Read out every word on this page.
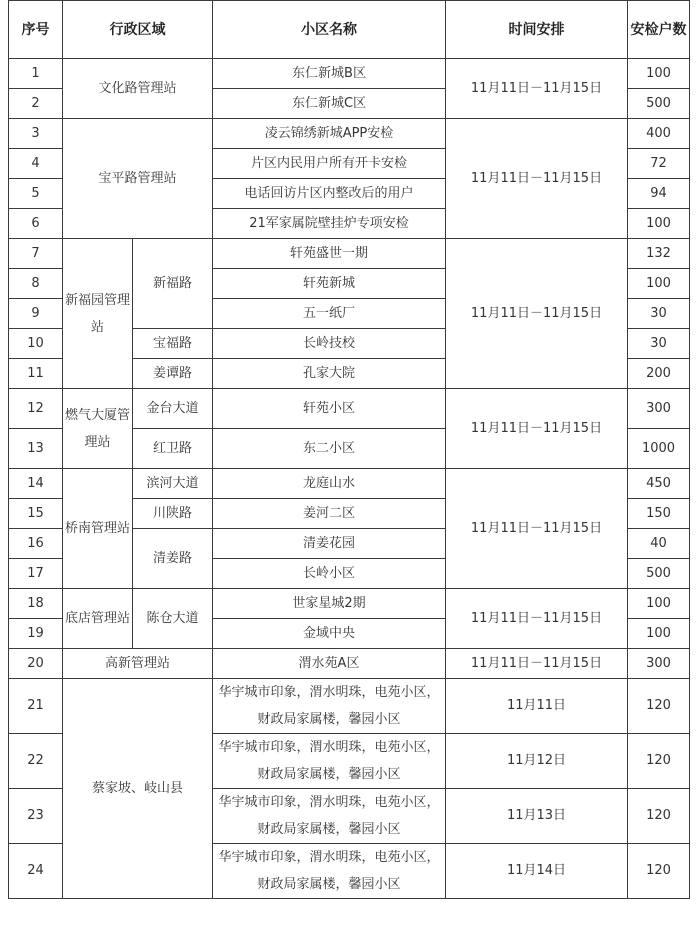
序号	行政区域		小区名称	时间安排	安检户数
1	文化路管理站		东仁新城B区	11月11日－11月15日	100
2			东仁新城C区		500
3	宝平路管理站		凌云锦绣新城APP安检	11月11日－11月15日	400
4			片区内民用户所有开卡安检		72
5			电话回访片区内整改后的用户		94
6			21军家属院壁挂炉专项安检		100
7	新福园管理站	新福路	轩苑盛世一期	11月11日－11月15日	132
8			轩苑新城		100
9			五一纸厂		30
10		宝福路	长岭技校		30
11		姜谭路	孔家大院		200
12	燃气大厦管理站	金台大道	轩苑小区	11月11日－11月15日	300
13		红卫路	东二小区		1000
14	桥南管理站	滨河大道	龙庭山水	11月11日－11月15日	450
15		川陕路	姜河二区		150
16		清姜路	清姜花园		40
17			长岭小区		500
18	底店管理站	陈仓大道	世家星城2期	11月11日－11月15日	100
19			金域中央		100
20	高新管理站		渭水苑A区	11月11日－11月15日	300
21	蔡家坡、岐山县		华宇城市印象，渭水明珠，电苑小区，财政局家属楼，馨园小区	11月11日	120
22			华宇城市印象，渭水明珠，电苑小区，财政局家属楼，馨园小区	11月12日	120
23			华宇城市印象，渭水明珠，电苑小区，财政局家属楼，馨园小区	11月13日	120
24			华宇城市印象，渭水明珠，电苑小区，财政局家属楼，馨园小区	11月14日	120
